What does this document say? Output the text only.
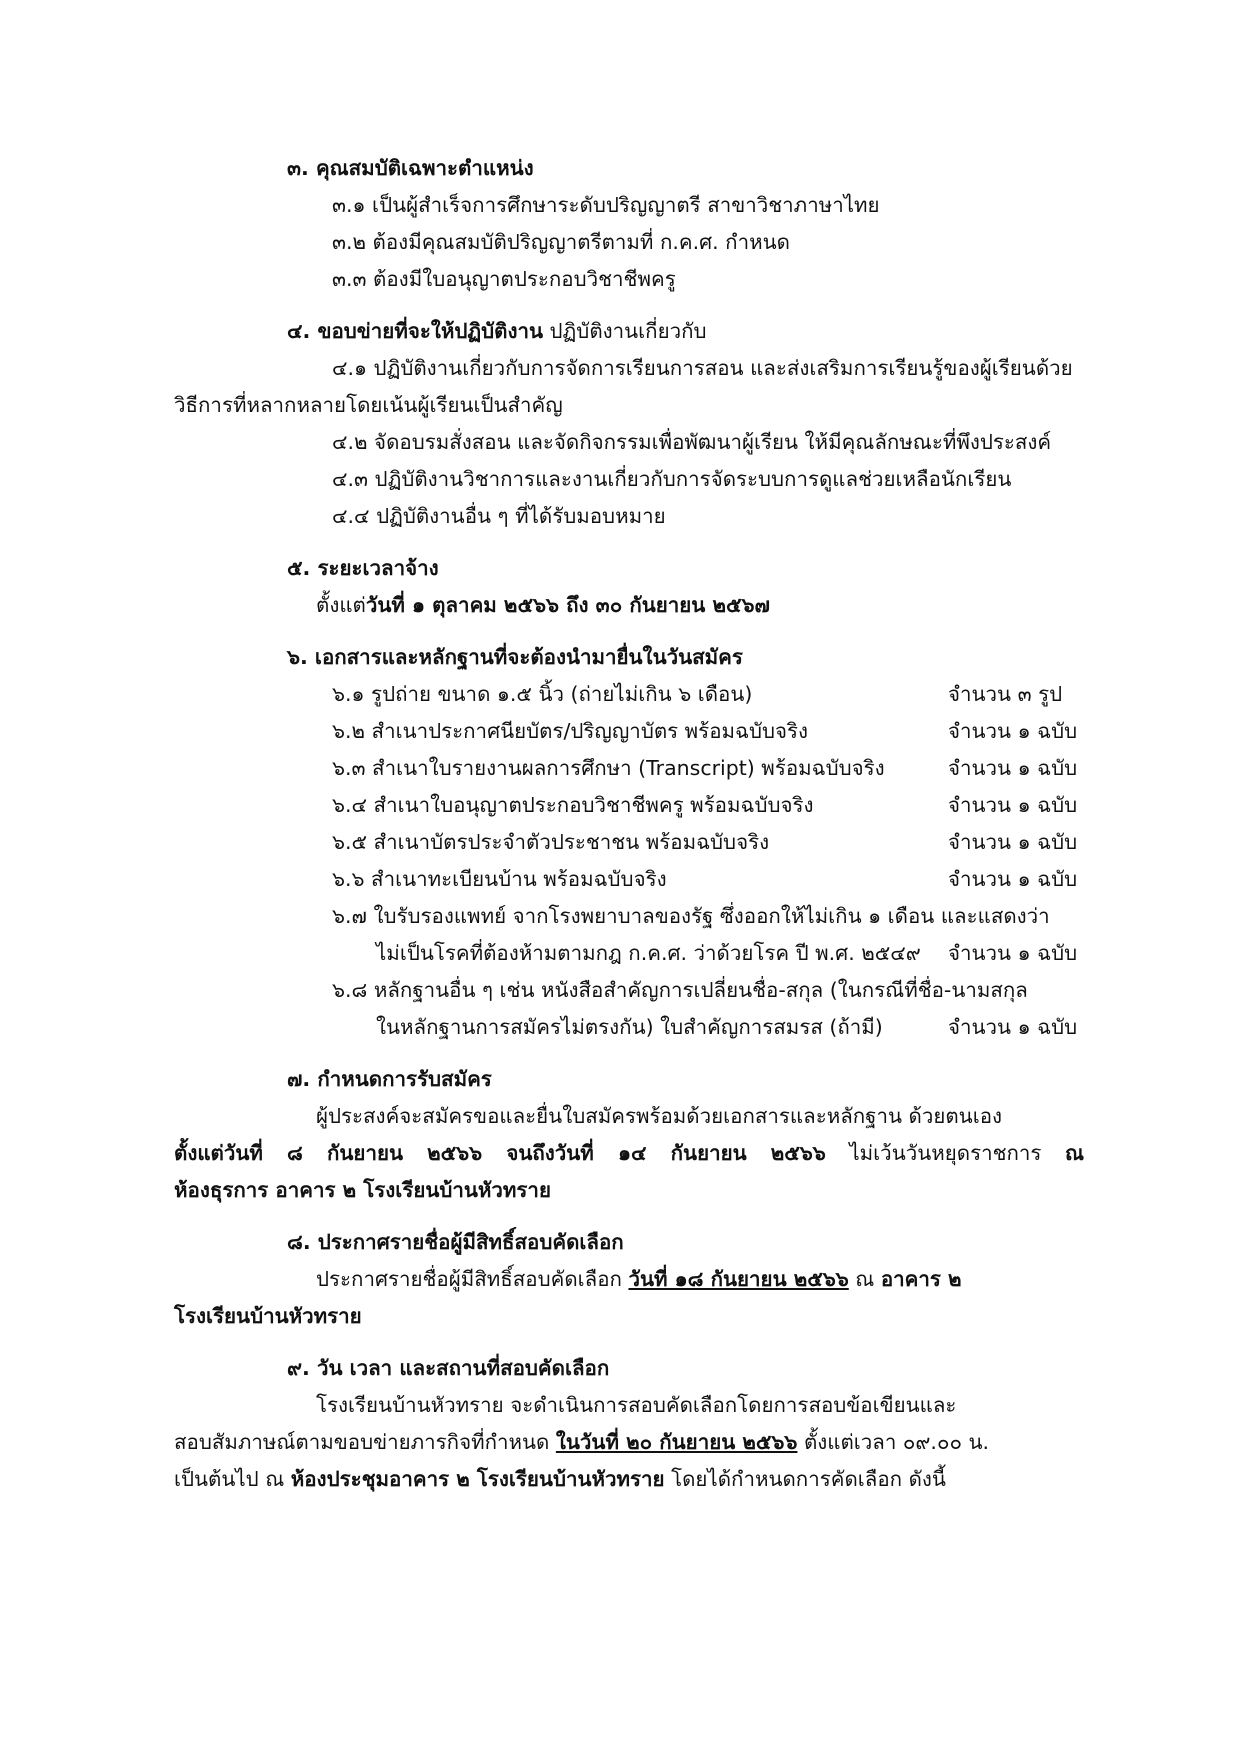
๓. คุณสมบัติเฉพาะตำแหน่ง
๓.๑ เป็นผู้สำเร็จการศึกษาระดับปริญญาตรี สาขาวิชาภาษาไทย
๓.๒ ต้องมีคุณสมบัติปริญญาตรีตามที่ ก.ค.ศ. กำหนด
๓.๓ ต้องมีใบอนุญาตประกอบวิชาชีพครู
๔. ขอบข่ายที่จะให้ปฏิบัติงาน ปฏิบัติงานเกี่ยวกับ
๔.๑ ปฏิบัติงานเกี่ยวกับการจัดการเรียนการสอน และส่งเสริมการเรียนรู้ของผู้เรียนด้วย
วิธีการที่หลากหลายโดยเน้นผู้เรียนเป็นสำคัญ
๔.๒ จัดอบรมสั่งสอน และจัดกิจกรรมเพื่อพัฒนาผู้เรียน ให้มีคุณลักษณะที่พึงประสงค์
๔.๓ ปฏิบัติงานวิชาการและงานเกี่ยวกับการจัดระบบการดูแลช่วยเหลือนักเรียน
๔.๔ ปฏิบัติงานอื่น ๆ ที่ได้รับมอบหมาย
๕. ระยะเวลาจ้าง
ตั้งแต่วันที่ ๑ ตุลาคม ๒๕๖๖ ถึง ๓๐ กันยายน ๒๕๖๗
๖. เอกสารและหลักฐานที่จะต้องนำมายื่นในวันสมัคร
๖.๑ รูปถ่าย ขนาด ๑.๕ นิ้ว (ถ่ายไม่เกิน ๖ เดือน)	จำนวน ๓ รูป
๖.๒ สำเนาประกาศนียบัตร/ปริญญาบัตร พร้อมฉบับจริง	จำนวน ๑ ฉบับ
๖.๓ สำเนาใบรายงานผลการศึกษา (Transcript) พร้อมฉบับจริง	จำนวน ๑ ฉบับ
๖.๔ สำเนาใบอนุญาตประกอบวิชาชีพครู พร้อมฉบับจริง	จำนวน ๑ ฉบับ
๖.๕ สำเนาบัตรประจำตัวประชาชน พร้อมฉบับจริง	จำนวน ๑ ฉบับ
๖.๖ สำเนาทะเบียนบ้าน พร้อมฉบับจริง	จำนวน ๑ ฉบับ
๖.๗ ใบรับรองแพทย์ จากโรงพยาบาลของรัฐ ซึ่งออกให้ไม่เกิน ๑ เดือน และแสดงว่า
ไม่เป็นโรคที่ต้องห้ามตามกฎ ก.ค.ศ. ว่าด้วยโรค ปี พ.ศ. ๒๕๔๙ จำนวน ๑ ฉบับ
๖.๘ หลักฐานอื่น ๆ เช่น หนังสือสำคัญการเปลี่ยนชื่อ-สกุล (ในกรณีที่ชื่อ-นามสกุล
ในหลักฐานการสมัครไม่ตรงกัน) ใบสำคัญการสมรส (ถ้ามี)	จำนวน ๑ ฉบับ
๗. กำหนดการรับสมัคร
ผู้ประสงค์จะสมัครขอและยื่นใบสมัครพร้อมด้วยเอกสารและหลักฐาน ด้วยตนเอง
ตั้งแต่วันที่ ๘ กันยายน ๒๕๖๖ จนถึงวันที่ ๑๔ กันยายน ๒๕๖๖ ไม่เว้นวันหยุดราชการ ณ
ห้องธุรการ อาคาร ๒ โรงเรียนบ้านหัวทราย
๘. ประกาศรายชื่อผู้มีสิทธิ์สอบคัดเลือก
ประกาศรายชื่อผู้มีสิทธิ์สอบคัดเลือก วันที่ ๑๘ กันยายน ๒๕๖๖ ณ อาคาร ๒
โรงเรียนบ้านหัวทราย
๙. วัน เวลา และสถานที่สอบคัดเลือก
โรงเรียนบ้านหัวทราย จะดำเนินการสอบคัดเลือกโดยการสอบข้อเขียนและ
สอบสัมภาษณ์ตามขอบข่ายภารกิจที่กำหนด ในวันที่ ๒๐ กันยายน ๒๕๖๖ ตั้งแต่เวลา ๐๙.๐๐ น.
เป็นต้นไป ณ ห้องประชุมอาคาร ๒ โรงเรียนบ้านหัวทราย โดยได้กำหนดการคัดเลือก ดังนี้
